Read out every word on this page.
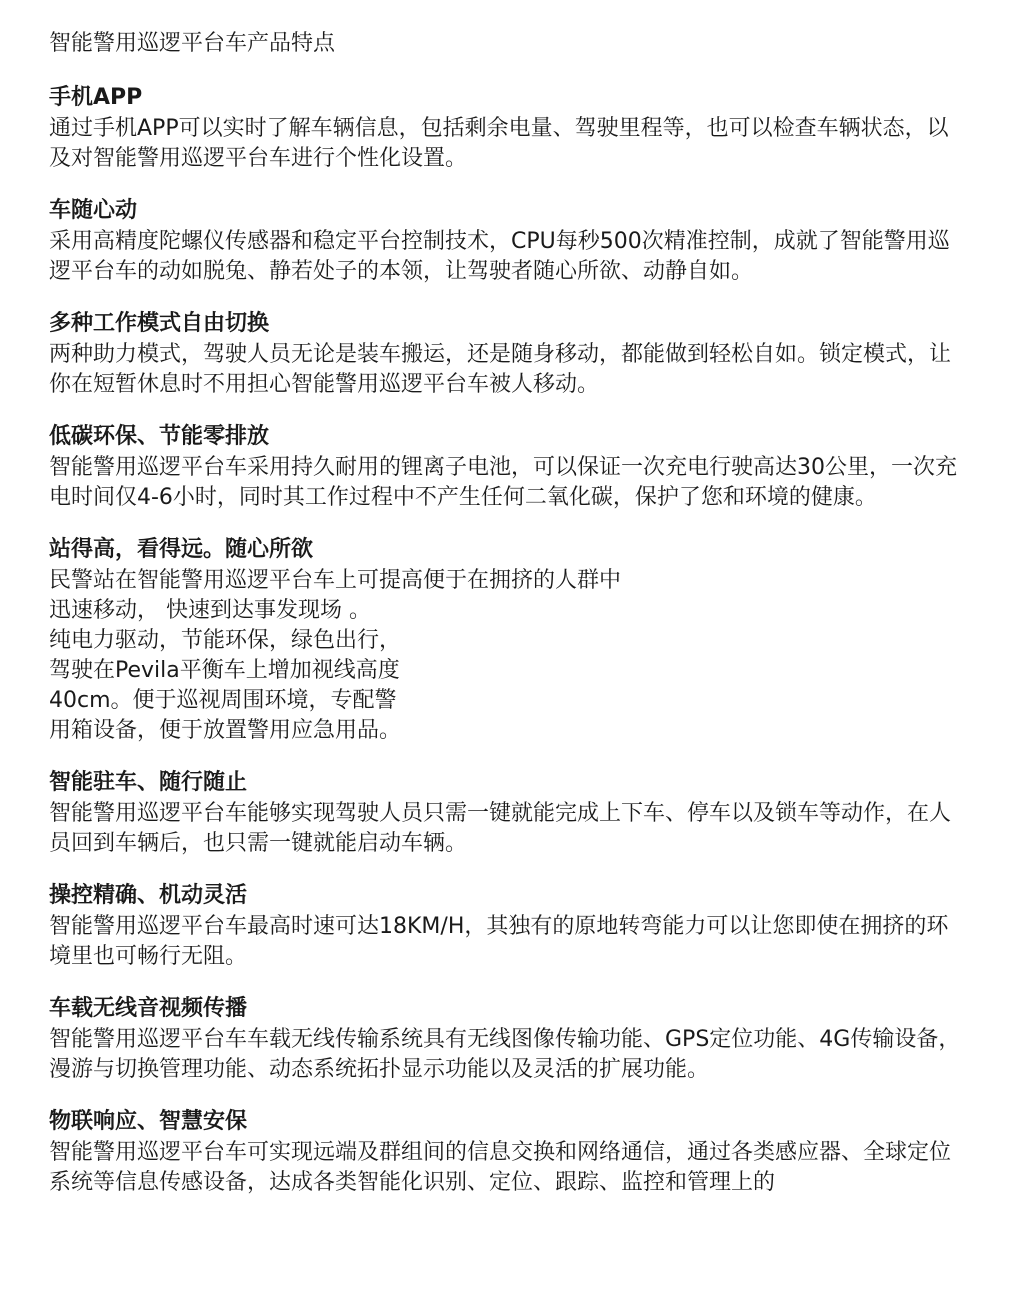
智能警用巡逻平台车产品特点
手机APP
通过手机APP可以实时了解车辆信息，包括剩余电量、驾驶里程等，也可以检查车辆状态，以及对智能警用巡逻平台车进行个性化设置。
车随心动
采用高精度陀螺仪传感器和稳定平台控制技术，CPU每秒500次精准控制，成就了智能警用巡逻平台车的动如脱兔、静若处子的本领，让驾驶者随心所欲、动静自如。
多种工作模式自由切换
两种助力模式，驾驶人员无论是装车搬运，还是随身移动，都能做到轻松自如。锁定模式，让你在短暂休息时不用担心智能警用巡逻平台车被人移动。
低碳环保、节能零排放
智能警用巡逻平台车采用持久耐用的锂离子电池，可以保证一次充电行驶高达30公里，一次充电时间仅4-6小时，同时其工作过程中不产生任何二氧化碳，保护了您和环境的健康。
站得高，看得远。随心所欲
民警站在智能警用巡逻平台车上可提高便于在拥挤的人群中
迅速移动， 快速到达事发现场 。
纯电力驱动，节能环保，绿色出行，
驾驶在Pevila平衡车上增加视线高度
40cm。便于巡视周围环境，专配警
用箱设备，便于放置警用应急用品。
智能驻车、随行随止
智能警用巡逻平台车能够实现驾驶人员只需一键就能完成上下车、停车以及锁车等动作，在人员回到车辆后，也只需一键就能启动车辆。
操控精确、机动灵活
智能警用巡逻平台车最高时速可达18KM/H，其独有的原地转弯能力可以让您即使在拥挤的环境里也可畅行无阻。
车载无线音视频传播
智能警用巡逻平台车车载无线传输系统具有无线图像传输功能、GPS定位功能、4G传输设备，漫游与切换管理功能、动态系统拓扑显示功能以及灵活的扩展功能。
物联响应、智慧安保
智能警用巡逻平台车可实现远端及群组间的信息交换和网络通信，通过各类感应器、全球定位系统等信息传感设备，达成各类智能化识别、定位、跟踪、监控和管理上的
